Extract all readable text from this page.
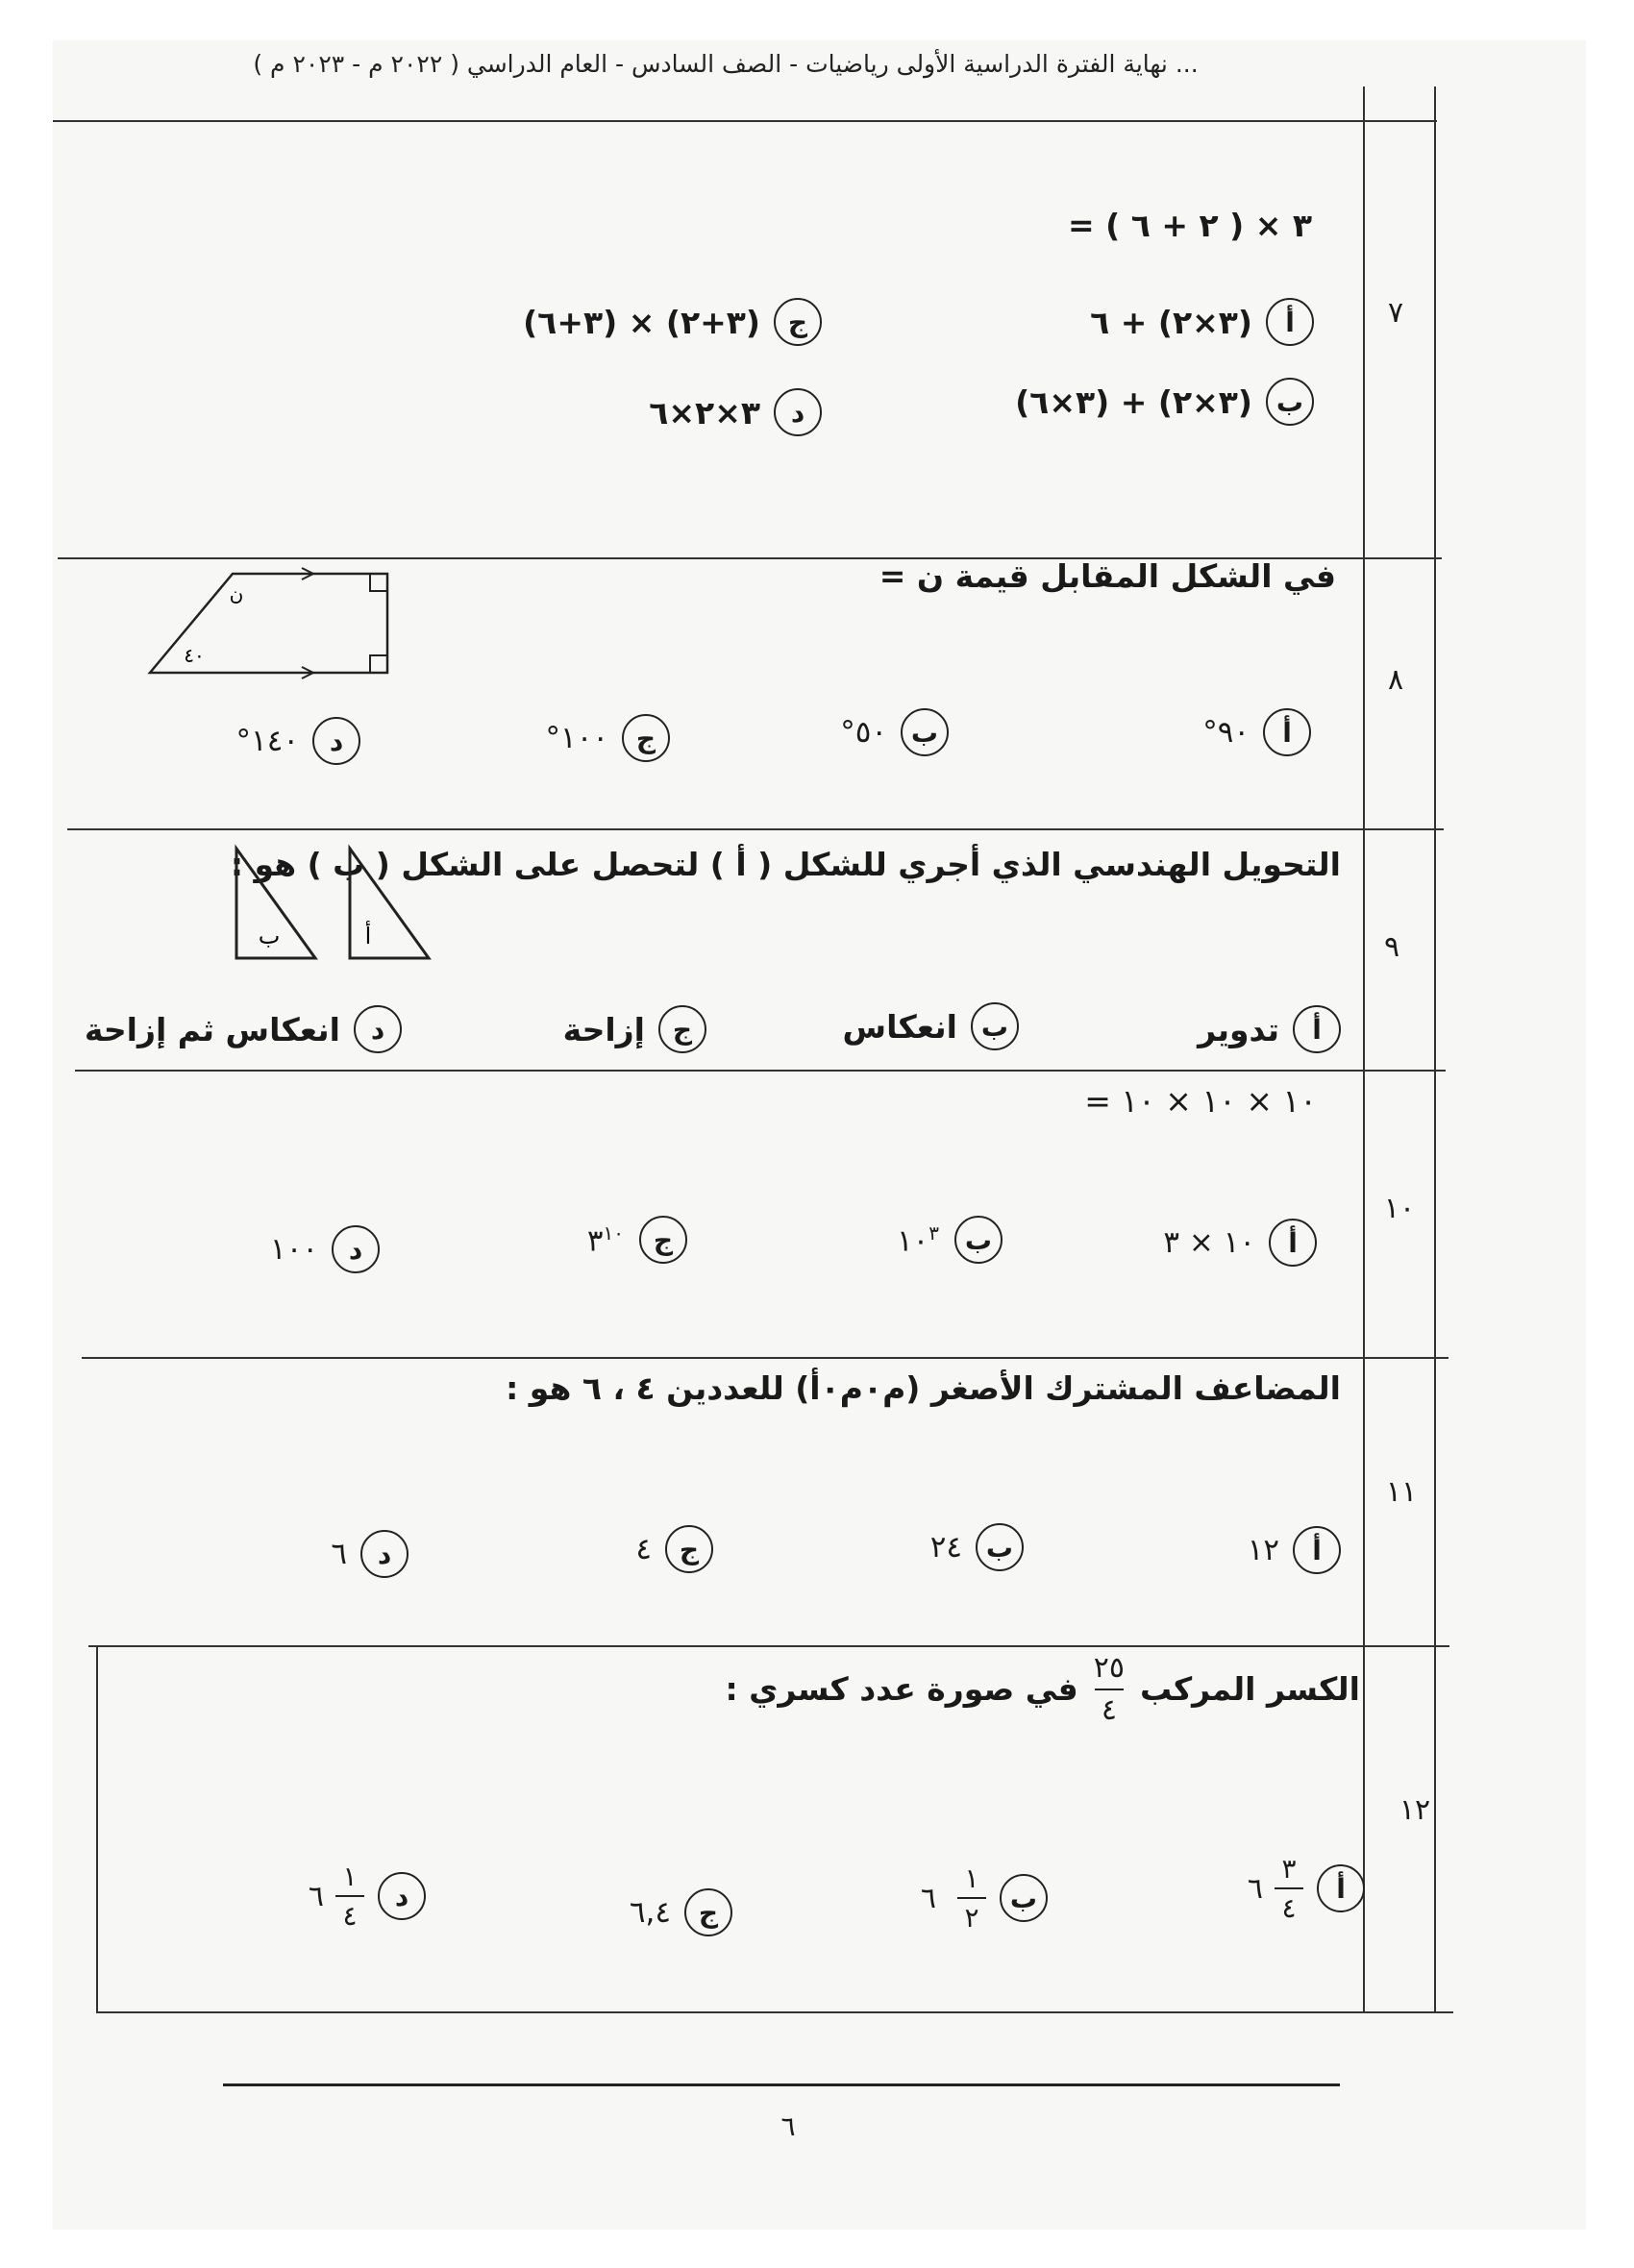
... نهاية الفترة الدراسية الأولى رياضيات - الصف السادس - العام الدراسي ( ٢٠٢٢ م - ٢٠٢٣ م )
٧
٣ × ( ٢ + ٦ ) =
أ
(٣×٢) + ٦
ب
(٣×٢) + (٣×٦)
ج
(٣+٢) × (٣+٦)
د
٣×٢×٦
٨
في الشكل المقابل قيمة ن =
ن
٤٠
أ
٩٠°
ب
٥٠°
ج
١٠٠°
د
١٤٠°
٩
التحويل الهندسي الذي أجري للشكل ( أ ) لتحصل على الشكل ( ب ) هو :
ب	أ
أ
تدوير
ب
انعكاس
ج
إزاحة
د
انعكاس ثم إزاحة
١٠
١٠ × ١٠ × ١٠ =
أ
١٠ × ٣
ب
$١٠^٣$
ج
$٣^{١٠}$
د
١٠٠
١١
المضاعف المشترك الأصغر (م٠م٠أ) للعددين ٤ ، ٦ هو :
أ
١٢
ب
٢٤
ج
٤
د
٦
١٢
الكسر المركب
$\frac{٢٥}{٤}$
في صورة عدد كسري :
أ
$\frac{٣}{٤}$
٦
ب
$\frac{١}{٢}$
٦
ج
٦,٤
د
$\frac{١}{٤}$
٦
٦
